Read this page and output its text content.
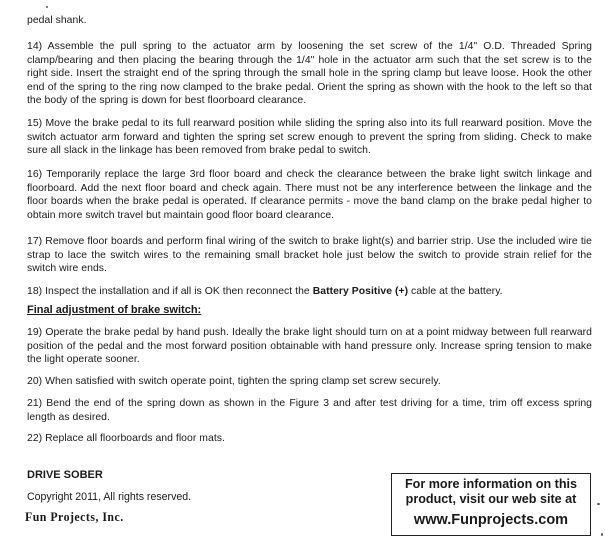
pedal shank.

14) Assemble the pull spring to the actuator arm by loosening the set screw of the 1/4" O.D. Threaded Spring clamp/bearing and then placing the bearing through the 1/4" hole in the actuator arm such that the set screw is to the right side. Insert the straight end of the spring through the small hole in the spring clamp but leave loose. Hook the other end of the spring to the ring now clamped to the brake pedal. Orient the spring as shown with the hook to the left so that the body of the spring is down for best floorboard clearance.

15) Move the brake pedal to its full rearward position while sliding the spring also into its full rearward position. Move the switch actuator arm forward and tighten the spring set screw enough to prevent the spring from sliding. Check to make sure all slack in the linkage has been removed from brake pedal to switch.

16) Temporarily replace the large 3rd floor board and check the clearance between the brake light switch linkage and floorboard. Add the next floor board and check again. There must not be any interference between the linkage and the floor boards when the brake pedal is operated. If clearance permits - move the band clamp on the brake pedal higher to obtain more switch travel but maintain good floor board clearance.

17) Remove floor boards and perform final wiring of the switch to brake light(s) and barrier strip. Use the included wire tie strap to lace the switch wires to the remaining small bracket hole just below the switch to provide strain relief for the switch wire ends.

18) Inspect the installation and if all is OK then reconnect the Battery Positive (+) cable at the battery.

Final adjustment of brake switch:

19) Operate the brake pedal by hand push. Ideally the brake light should turn on at a point midway between full rearward position of the pedal and the most forward position obtainable with hand pressure only. Increase spring tension to make the light operate sooner.

20) When satisfied with switch operate point, tighten the spring clamp set screw securely.

21) Bend the end of the spring down as shown in the Figure 3 and after test driving for a time, trim off excess spring length as desired.

22) Replace all floorboards and floor mats.

DRIVE SOBER
Copyright 2011, All rights reserved.
Fun Projects, Inc.
For more information on this
product, visit our web site at
www.Funprojects.com
